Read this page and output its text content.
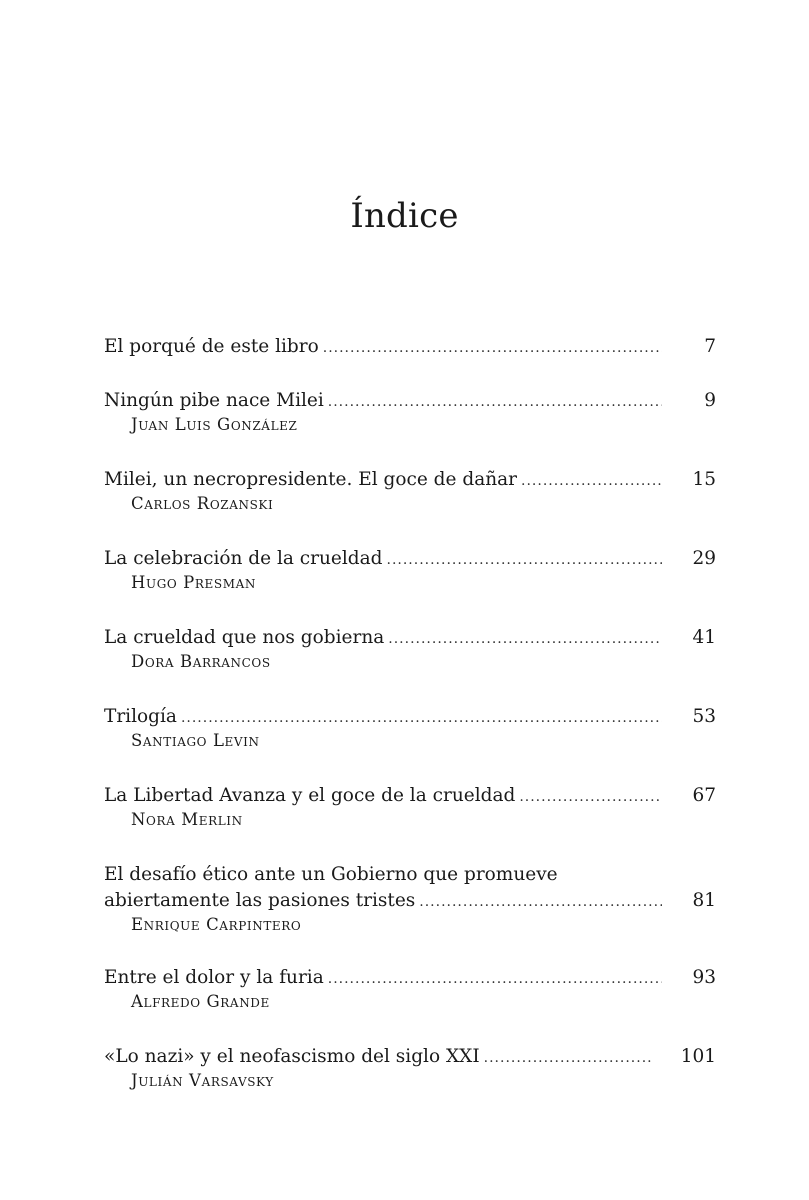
Índice
El porqué de este libro .....	7
Ningún pibe nace Milei .....	9
Juan Luis González
Milei, un necropresidente. El goce de dañar .....	15
Carlos Rozanski
La celebración de la crueldad .....	29
Hugo Presman
La crueldad que nos gobierna .....	41
Dora Barrancos
Trilogía .....	53
Santiago Levin
La Libertad Avanza y el goce de la crueldad .....	67
Nora Merlin
El desafío ético ante un Gobierno que promueve
abiertamente las pasiones tristes .....	81
Enrique Carpintero
Entre el dolor y la furia .....	93
Alfredo Grande
«Lo nazi» y el neofascismo del siglo XXI .....	101
Julián Varsavsky
